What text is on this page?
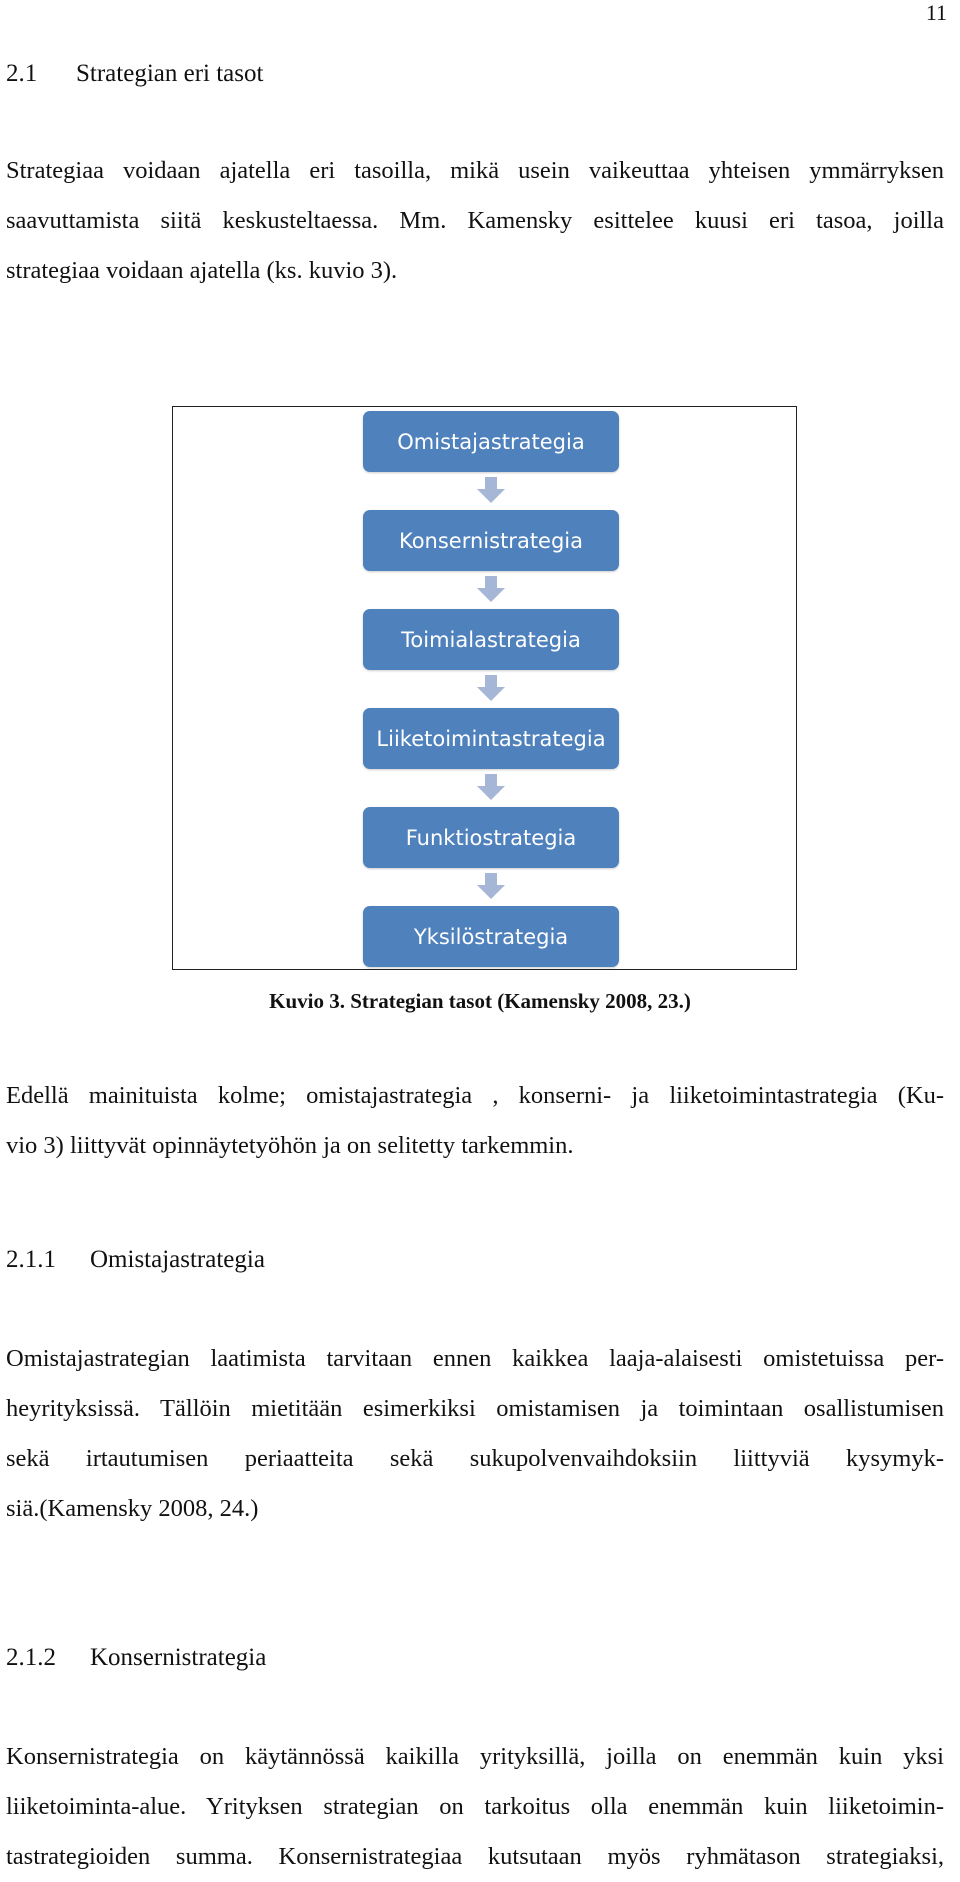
11
2.1 Strategian eri tasot

Strategiaa voidaan ajatella eri tasoilla, mikä usein vaikeuttaa yhteisen ymmärryksen
saavuttamista siitä keskusteltaessa. Mm. Kamensky esittelee kuusi eri tasoa, joilla
strategiaa voidaan ajatella (ks. kuvio 3).

Omistajastrategia
Konsernistrategia
Toimialastrategia
Liiketoimintastrategia
Funktiostrategia
Yksilöstrategia
Kuvio 3. Strategian tasot (Kamensky 2008, 23.)

Edellä mainituista kolme; omistajastrategia , konserni- ja liiketoimintastrategia (Ku-
vio 3) liittyvät opinnäytetyöhön ja on selitetty tarkemmin.

2.1.1 Omistajastrategia

Omistajastrategian laatimista tarvitaan ennen kaikkea laaja-alaisesti omistetuissa per-
heyrityksissä. Tällöin mietitään esimerkiksi omistamisen ja toimintaan osallistumisen
sekä irtautumisen periaatteita sekä sukupolvenvaihdoksiin liittyviä kysymyk-
siä.(Kamensky 2008, 24.)

2.1.2 Konsernistrategia

Konsernistrategia on käytännössä kaikilla yrityksillä, joilla on enemmän kuin yksi
liiketoiminta-alue. Yrityksen strategian on tarkoitus olla enemmän kuin liiketoimin-
tastrategioiden summa. Konsernistrategiaa kutsutaan myös ryhmätason strategiaksi,
